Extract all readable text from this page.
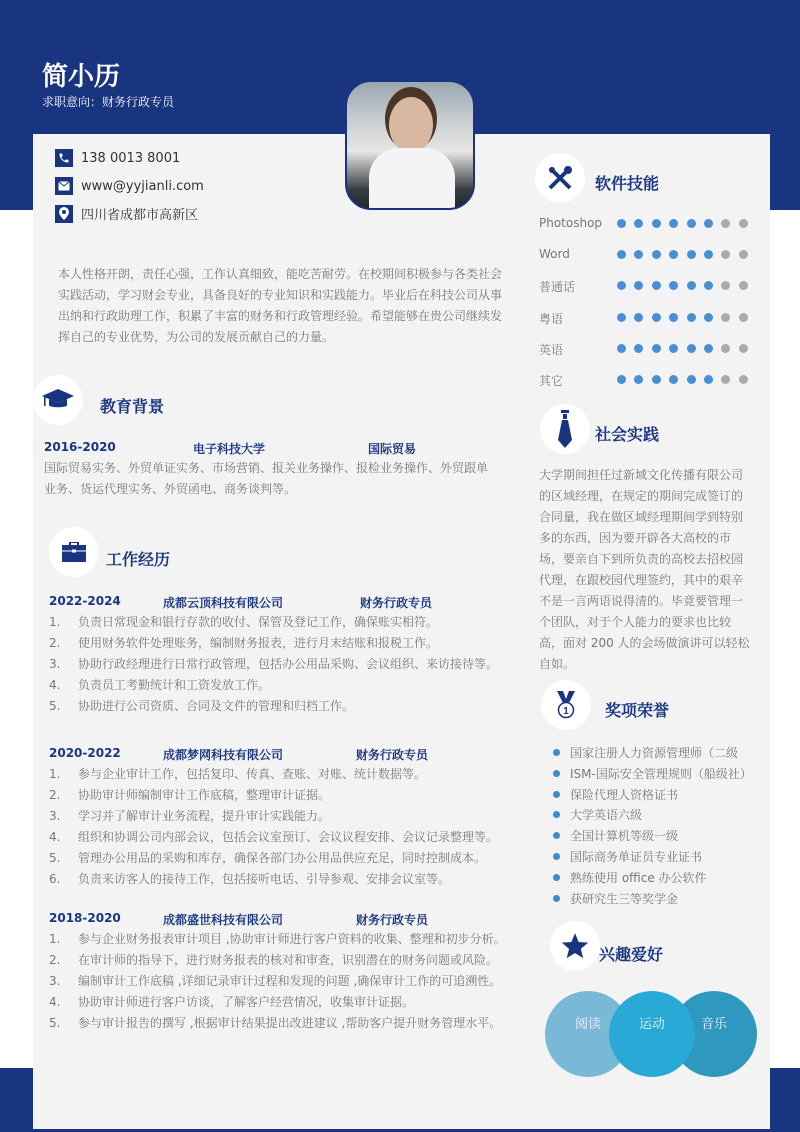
简小历
求职意向：财务行政专员
138 0013 8001
www@yyjianli.com
四川省成都市高新区
本人性格开朗，责任心强，工作认真细致，能吃苦耐劳。在校期间积极参与各类社会实践活动，学习财会专业，具备良好的专业知识和实践能力。毕业后在科技公司从事出纳和行政助理工作，积累了丰富的财务和行政管理经验。希望能够在贵公司继续发挥自己的专业优势，为公司的发展贡献自己的力量。
教育背景
2016-2020	电子科技大学	国际贸易
国际贸易实务、外贸单证实务、市场营销、报关业务操作、报检业务操作、外贸跟单业务、货运代理实务、外贸函电、商务谈判等。
工作经历
2022-2024	成都云顶科技有限公司	财务行政专员
1. 负责日常现金和银行存款的收付、保管及登记工作，确保账实相符。
2. 使用财务软件处理账务，编制财务报表，进行月末结账和报税工作。
3. 协助行政经理进行日常行政管理，包括办公用品采购、会议组织、来访接待等。
4. 负责员工考勤统计和工资发放工作。
5. 协助进行公司资质、合同及文件的管理和归档工作。
2020-2022	成都梦网科技有限公司	财务行政专员
1. 参与企业审计工作，包括复印、传真、查账、对账、统计数据等。
2. 协助审计师编制审计工作底稿，整理审计证据。
3. 学习并了解审计业务流程，提升审计实践能力。
4. 组织和协调公司内部会议，包括会议室预订、会议议程安排、会议记录整理等。
5. 管理办公用品的采购和库存，确保各部门办公用品供应充足，同时控制成本。
6. 负责来访客人的接待工作，包括接听电话、引导参观、安排会议室等。
2018-2020	成都盛世科技有限公司	财务行政专员
1. 参与企业财务报表审计项目 ,协助审计师进行客户资料的收集、整理和初步分析。
2. 在审计师的指导下，进行财务报表的核对和审查，识别潜在的财务问题或风险。
3. 编制审计工作底稿 ,详细记录审计过程和发现的问题 ,确保审计工作的可追溯性。
4. 协助审计师进行客户访谈，了解客户经营情况，收集审计证据。
5. 参与审计报告的撰写 ,根据审计结果提出改进建议 ,帮助客户提升财务管理水平。
软件技能
Photoshop
Word
普通话
粤语
英语
其它
社会实践
大学期间担任过新域文化传播有限公司的区域经理，在规定的期间完成签订的合同量，我在做区域经理期间学到特别多的东西，因为要开辟各大高校的市场，要亲自下到所负责的高校去招校园代理，在跟校园代理签约，其中的艰辛不是一言两语说得清的。毕竟要管理一个团队，对于个人能力的要求也比较高，面对 200 人的会场做演讲可以轻松自如。
1 奖项荣誉
国家注册人力资源管理师（二级
ISM-国际安全管理规则（船级社）
保险代理人资格证书
大学英语六级
全国计算机等级一级
国际商务单证员专业证书
熟练使用 office 办公软件
获研究生三等奖学金
兴趣爱好
阅读	运动	音乐
